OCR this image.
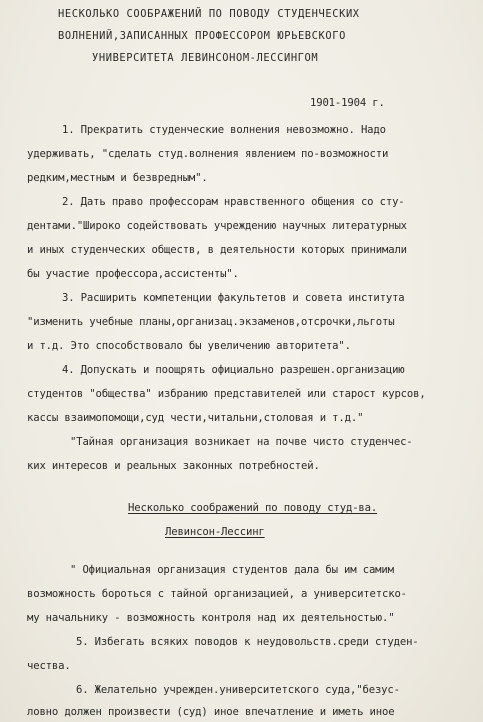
НЕСКОЛЬКО СООБРАЖЕНИЙ ПО ПОВОДУ СТУДЕНЧЕСКИХ
ВОЛНЕНИЙ,ЗАПИСАННЫХ ПРОФЕССОРОМ ЮРЬЕВСКОГО
УНИВЕРСИТЕТА ЛЕВИНСОНОМ-ЛЕССИНГОМ
1901-1904 г.
1. Прекратить студенческие волнения невозможно. Надо
удерживать, "сделать студ.волнения явлением по-возможности
редким,местным и безвредным".
2. Дать право профессорам нравственного общения со сту-
дентами."Широко содействовать учреждению научных литературных
и иных студенческих обществ, в деятельности которых принимали
бы участие профессора,ассистенты".
3. Расширить компетенции факультетов и совета института
"изменить учебные планы,организац.экзаменов,отсрочки,льготы
и т.д. Это способствовало бы увеличению авторитета".
4. Допускать и поощрять официально разрешен.организацию
студентов "общества" избранию представителей или старост курсов,
кассы взаимопомощи,суд чести,читальни,столовая и т.д."
"Тайная организация возникает на почве чисто студенчес-
ких интересов и реальных законных потребностей.
Несколько соображений по поводу студ-ва.
Левинсон-Лессинг
" Официальная организация студентов дала бы им самим
возможность бороться с тайной организацией, а университетско-
му начальнику - возможность контроля над их деятельностью."
5. Избегать всяких поводов к неудовольств.среди студен-
чества.
6. Желательно учрежден.университетского суда,"безус-
ловно должен произвести (суд) иное впечатление и иметь иное
